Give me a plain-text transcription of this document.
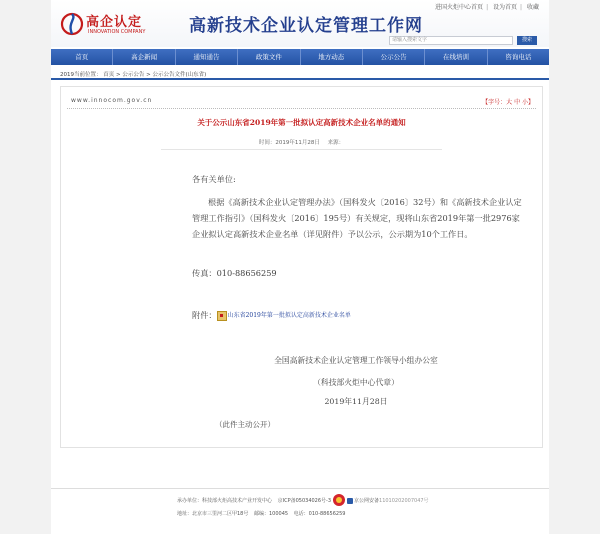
高企认定
INNOVATION COMPANY	高新技术企业认定管理工作网
进国火炬中心首页 | 设为首页 | 收藏
请输入搜索文字	搜索
首页	高企新闻	通知通告	政策文件	地方动态	公示公告	在线培训	咨询电话
2019当前位置： 首页 > 公示公告 > 公示公告文件(山东省)
www.innocom.gov.cn	【字号：大 中 小】
关于公示山东省2019年第一批拟认定高新技术企业名单的通知
时间：2019年11月28日 来源：
各有关单位:
根据《高新技术企业认定管理办法》（国科发火〔2016〕32号）和《高新技术企业认定管理工作指引》（国科发火〔2016〕195号）有关规定，现将山东省2019年第一批2976家企业拟认定高新技术企业名单（详见附件）予以公示，公示期为10个工作日。
传真：010-88656259
附件： 山东省2019年第一批拟认定高新技术企业名单
全国高新技术企业认定管理工作领导小组办公室
（科技部火炬中心代章）
2019年11月28日
（此件主动公开）
承办单位：科技部火炬高技术产业开发中心 京ICP备05034026号-3	京公网安备11010202007047号
地址：北京市三里河二区甲18号 邮编：100045 电话：010-88656259
